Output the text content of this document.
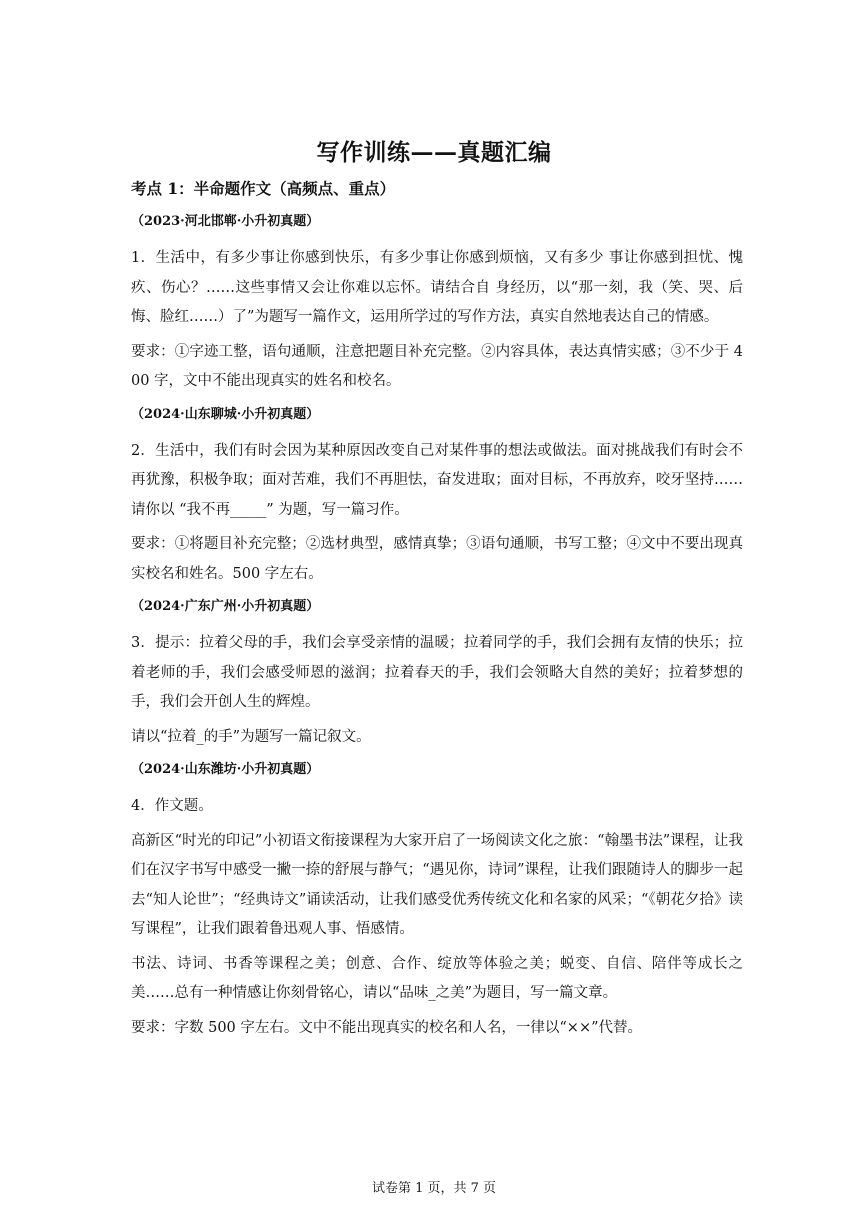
写作训练——真题汇编
考点 1：半命题作文（高频点、重点）
（2023·河北邯郸·小升初真题）
1．生活中，有多少事让你感到快乐，有多少事让你感到烦恼，又有多少 事让你感到担忧、愧疚、伤心？……这些事情又会让你难以忘怀。请结合自 身经历，以“那一刻，我（笑、哭、后悔、脸红……）了”为题写一篇作文，运用所学过的写作方法，真实自然地表达自己的情感。
要求：①字迹工整，语句通顺，注意把题目补充完整。②内容具体，表达真情实感；③不少于 400 字，文中不能出现真实的姓名和校名。
（2024·山东聊城·小升初真题）
2．生活中，我们有时会因为某种原因改变自己对某件事的想法或做法。面对挑战我们有时会不再犹豫，积极争取；面对苦难，我们不再胆怯，奋发进取；面对目标，不再放弃，咬牙坚持……请你以 “我不再_____” 为题，写一篇习作。
要求：①将题目补充完整；②选材典型，感情真挚；③语句通顺，书写工整；④文中不要出现真实校名和姓名。500 字左右。
（2024·广东广州·小升初真题）
3．提示：拉着父母的手，我们会享受亲情的温暖；拉着同学的手，我们会拥有友情的快乐；拉着老师的手，我们会感受师恩的滋润；拉着春天的手，我们会领略大自然的美好；拉着梦想的手，我们会开创人生的辉煌。
请以“拉着_的手”为题写一篇记叙文。
（2024·山东潍坊·小升初真题）
4．作文题。
高新区“时光的印记”小初语文衔接课程为大家开启了一场阅读文化之旅：“翰墨书法”课程，让我们在汉字书写中感受一撇一捺的舒展与静气；“遇见你，诗词”课程，让我们跟随诗人的脚步一起去“知人论世”；“经典诗文”诵读活动，让我们感受优秀传统文化和名家的风采；“《朝花夕拾》读写课程”，让我们跟着鲁迅观人事、悟感情。
书法、诗词、书香等课程之美；创意、合作、绽放等体验之美；蜕变、自信、陪伴等成长之美……总有一种情感让你刻骨铭心，请以“品味_之美”为题目，写一篇文章。
要求：字数 500 字左右。文中不能出现真实的校名和人名，一律以“××”代替。
试卷第 1 页，共 7 页
